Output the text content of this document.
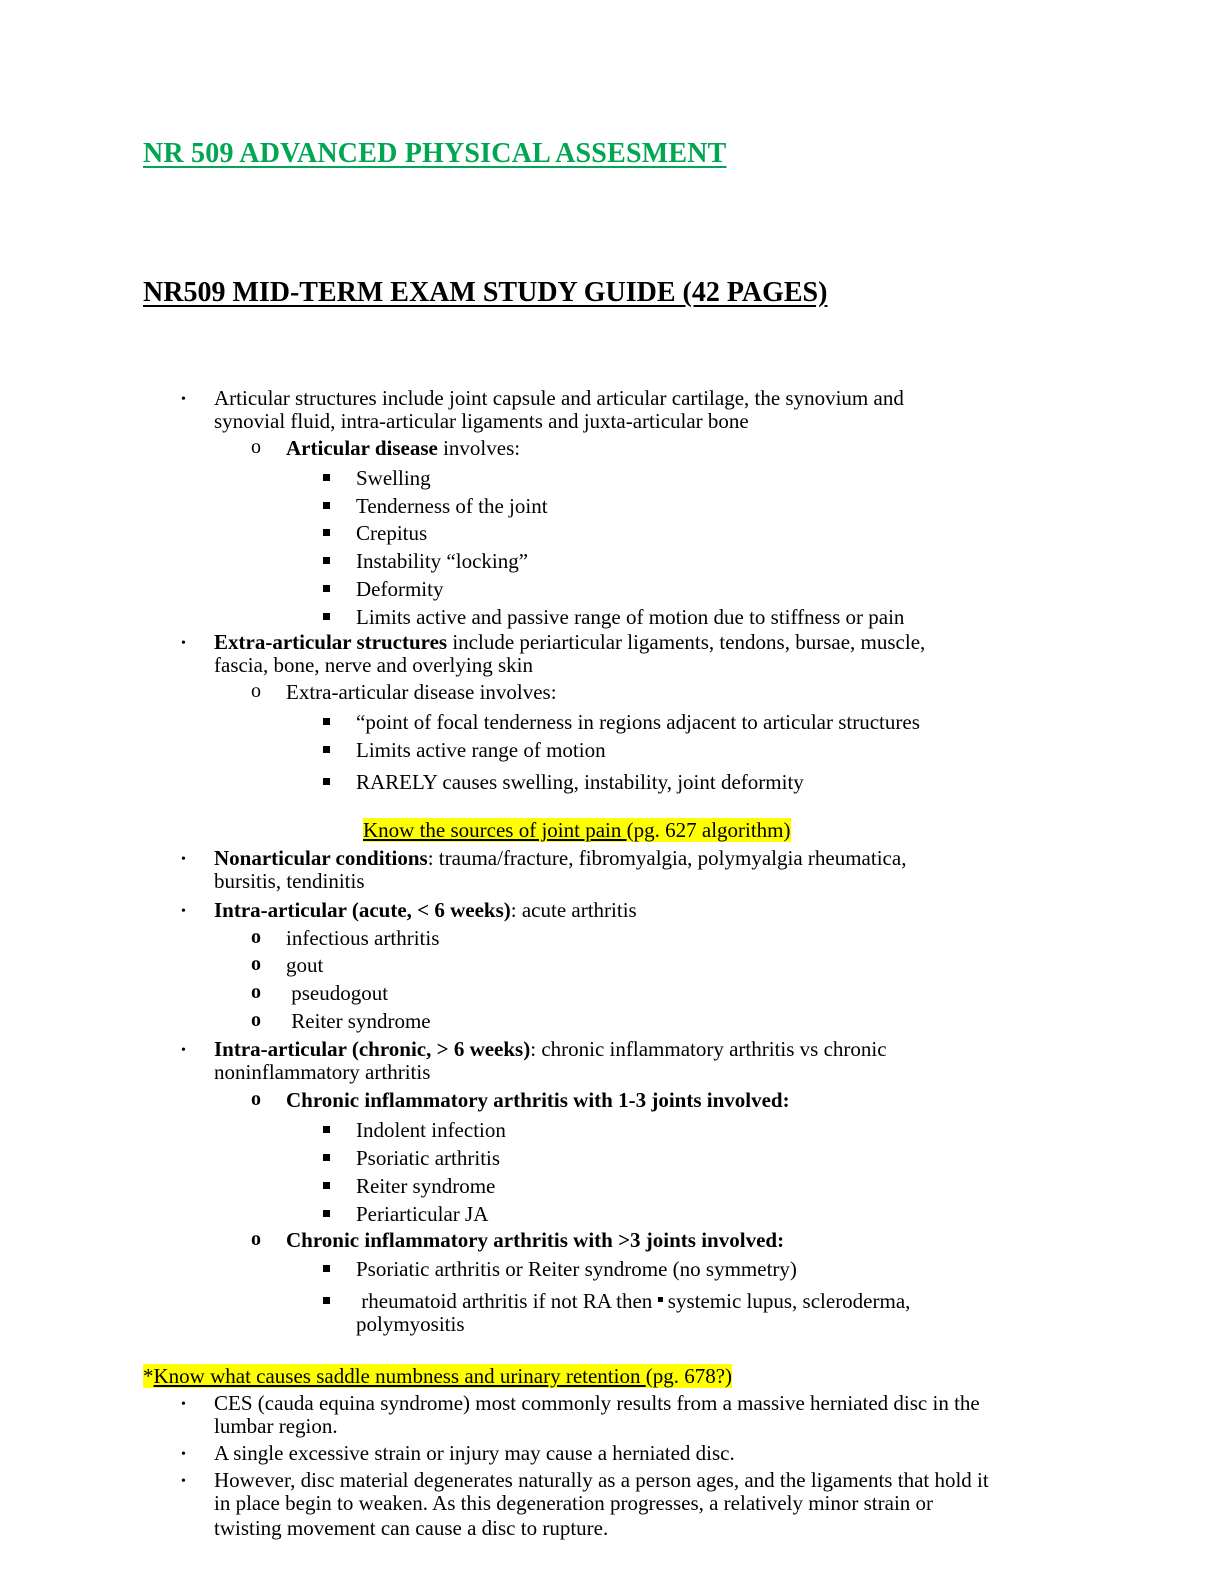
NR 509 ADVANCED PHYSICAL ASSESMENT
NR509 MID-TERM EXAM STUDY GUIDE (42 PAGES)
• Articular structures include joint capsule and articular cartilage, the synovium and
synovial fluid, intra-articular ligaments and juxta-articular bone
o Articular disease involves:
Swelling
Tenderness of the joint
Crepitus
Instability “locking”
Deformity
Limits active and passive range of motion due to stiffness or pain
• Extra-articular structures include periarticular ligaments, tendons, bursae, muscle,
fascia, bone, nerve and overlying skin
o Extra-articular disease involves:
“point of focal tenderness in regions adjacent to articular structures
Limits active range of motion
RARELY causes swelling, instability, joint deformity
Know the sources of joint pain (pg. 627 algorithm)
• Nonarticular conditions: trauma/fracture, fibromyalgia, polymyalgia rheumatica,
bursitis, tendinitis
• Intra-articular (acute, < 6 weeks): acute arthritis
o infectious arthritis
o gout
o pseudogout
o Reiter syndrome
• Intra-articular (chronic, > 6 weeks): chronic inflammatory arthritis vs chronic
noninflammatory arthritis
o Chronic inflammatory arthritis with 1-3 joints involved:
Indolent infection
Psoriatic arthritis
Reiter syndrome
Periarticular JA
o Chronic inflammatory arthritis with >3 joints involved:
Psoriatic arthritis or Reiter syndrome (no symmetry)
rheumatoid arthritis if not RA then  systemic lupus, scleroderma,
polymyositis
*Know what causes saddle numbness and urinary retention (pg. 678?)
• CES (cauda equina syndrome) most commonly results from a massive herniated disc in the
lumbar region.
• A single excessive strain or injury may cause a herniated disc.
• However, disc material degenerates naturally as a person ages, and the ligaments that hold it
in place begin to weaken. As this degeneration progresses, a relatively minor strain or
twisting movement can cause a disc to rupture.
